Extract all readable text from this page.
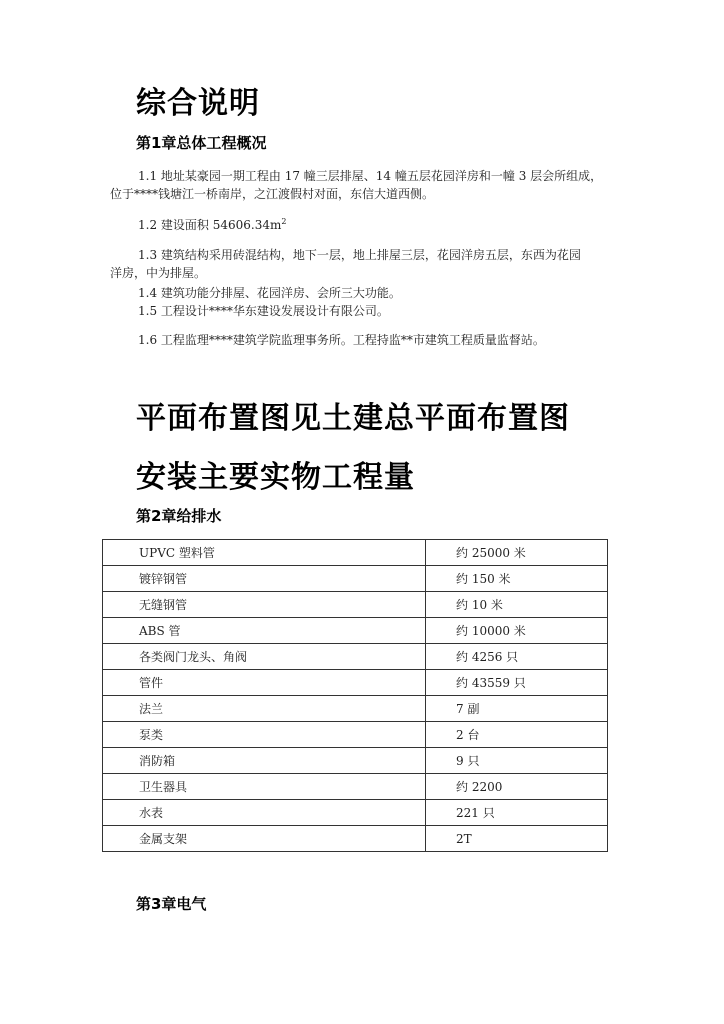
综合说明
第1章总体工程概况

1.1 地址某豪园一期工程由 17 幢三层排屋、14 幢五层花园洋房和一幢 3 层会所组成，

位于****钱塘江一桥南岸，之江渡假村对面，东信大道西侧。

1.2 建设面积 $54606.34m^2$

1.3 建筑结构采用砖混结构，地下一层，地上排屋三层，花园洋房五层，东西为花园

洋房，中为排屋。

1.4 建筑功能分排屋、花园洋房、会所三大功能。

1.5 工程设计****华东建设发展设计有限公司。

1.6 工程监理****建筑学院监理事务所。工程持监**市建筑工程质量监督站。

平面布置图见土建总平面布置图
安装主要实物工程量
第2章给排水
UPVC 塑料管	约 25000 米
镀锌钢管	约 150 米
无缝钢管	约 10 米
ABS 管	约 10000 米
各类阀门龙头、角阀	约 4256 只
管件	约 43559 只
法兰	7 副
泵类	2 台
消防箱	9 只
卫生器具	约 2200
水表	221 只
金属支架	2T
第3章电气
